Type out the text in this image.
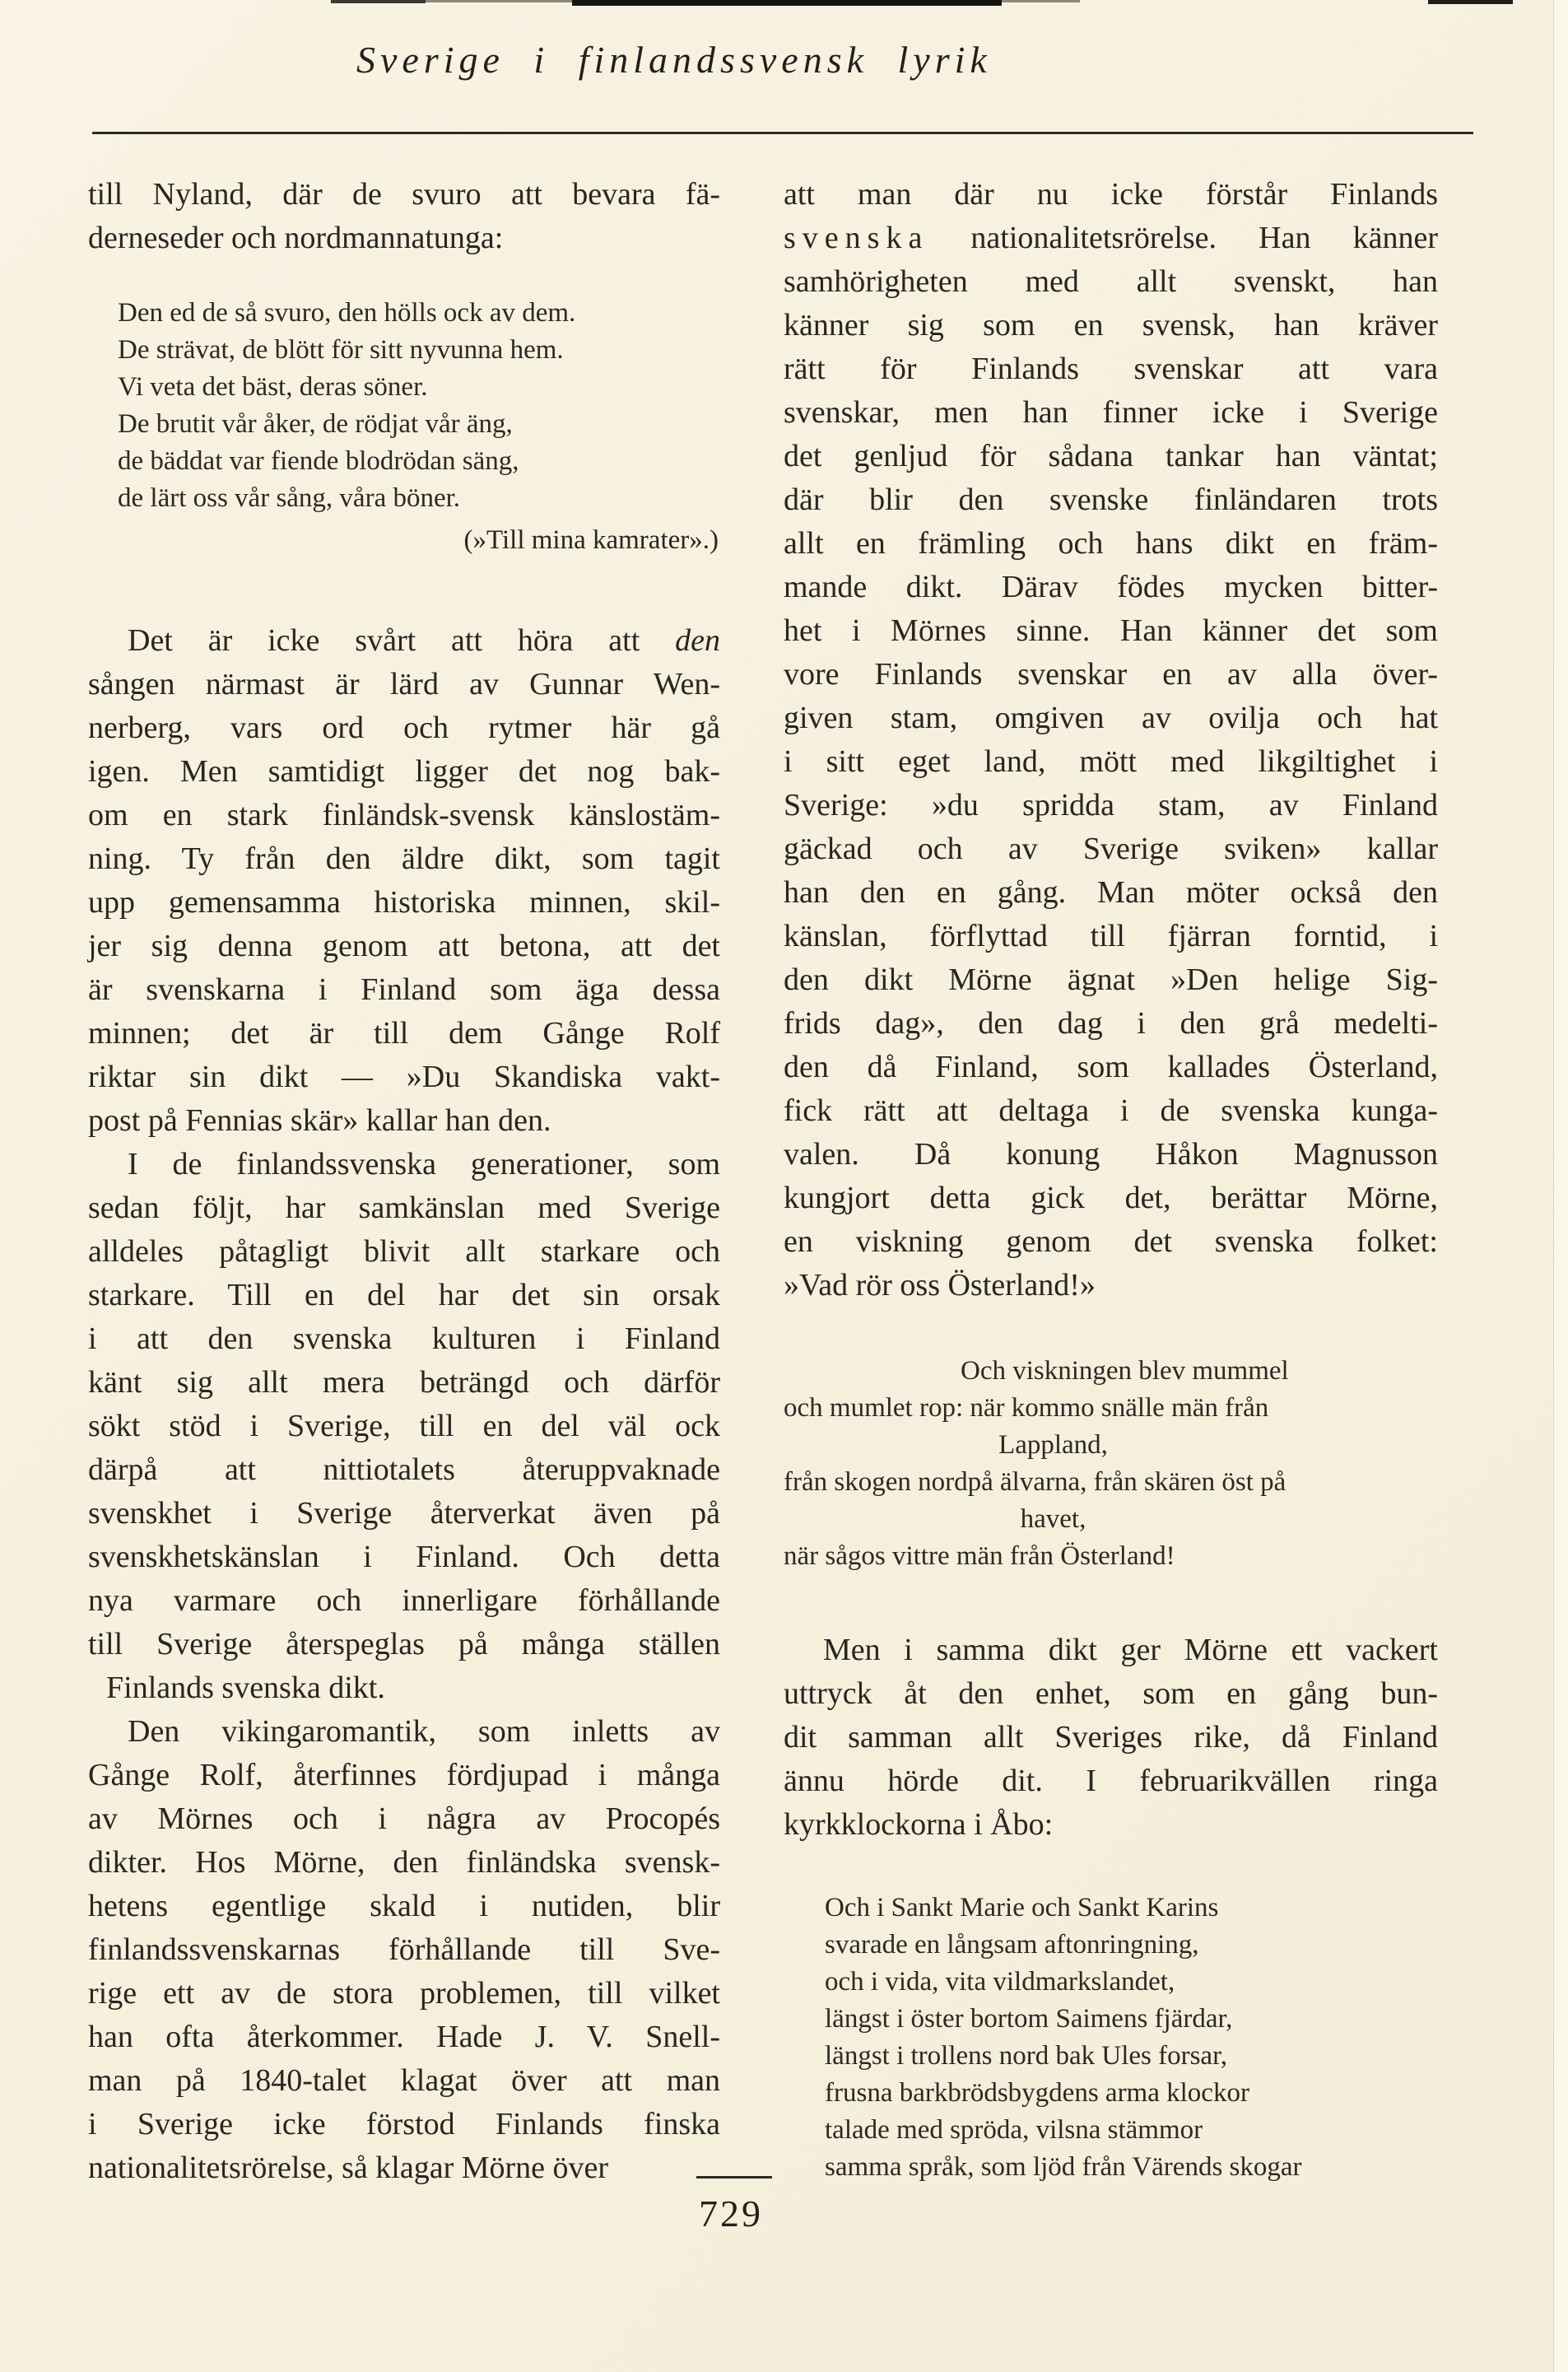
Sverige i finlandssvensk lyrik
till Nyland, där de svuro att bevara fä-
derneseder och nordmannatunga:
Den ed de så svuro, den hölls ock av dem.
De strävat, de blött för sitt nyvunna hem.
Vi veta det bäst, deras söner.
De brutit vår åker, de rödjat vår äng,
de bäddat var fiende blodrödan säng,
de lärt oss vår sång, våra böner.
(»Till mina kamrater».)
Det är icke svårt att höra att den
sången närmast är lärd av Gunnar Wen-
nerberg, vars ord och rytmer här gå
igen. Men samtidigt ligger det nog bak-
om en stark finländsk-svensk känslostäm-
ning. Ty från den äldre dikt, som tagit
upp gemensamma historiska minnen, skil-
jer sig denna genom att betona, att det
är svenskarna i Finland som äga dessa
minnen; det är till dem Gånge Rolf
riktar sin dikt — »Du Skandiska vakt-
post på Fennias skär» kallar han den.
I de finlandssvenska generationer, som
sedan följt, har samkänslan med Sverige
alldeles påtagligt blivit allt starkare och
starkare. Till en del har det sin orsak
i att den svenska kulturen i Finland
känt sig allt mera beträngd och därför
sökt stöd i Sverige, till en del väl ock
därpå att nittiotalets återuppvaknade
svenskhet i Sverige återverkat även på
svenskhetskänslan i Finland. Och detta
nya varmare och innerligare förhållande
till Sverige återspeglas på många ställen
Finlands svenska dikt.
Den vikingaromantik, som inletts av
Gånge Rolf, återfinnes fördjupad i många
av Mörnes och i några av Procopés
dikter. Hos Mörne, den finländska svensk-
hetens egentlige skald i nutiden, blir
finlandssvenskarnas förhållande till Sve-
rige ett av de stora problemen, till vilket
han ofta återkommer. Hade J. V. Snell-
man på 1840-talet klagat över att man
i Sverige icke förstod Finlands finska
nationalitetsrörelse, så klagar Mörne över
att man där nu icke förstår Finlands
svenska nationalitetsrörelse. Han känner
samhörigheten med allt svenskt, han
känner sig som en svensk, han kräver
rätt för Finlands svenskar att vara
svenskar, men han finner icke i Sverige
det genljud för sådana tankar han väntat;
där blir den svenske finländaren trots
allt en främling och hans dikt en främ-
mande dikt. Därav födes mycken bitter-
het i Mörnes sinne. Han känner det som
vore Finlands svenskar en av alla över-
given stam, omgiven av ovilja och hat
i sitt eget land, mött med likgiltighet i
Sverige: »du spridda stam, av Finland
gäckad och av Sverige sviken» kallar
han den en gång. Man möter också den
känslan, förflyttad till fjärran forntid, i
den dikt Mörne ägnat »Den helige Sig-
frids dag», den dag i den grå medelti-
den då Finland, som kallades Österland,
fick rätt att deltaga i de svenska kunga-
valen. Då konung Håkon Magnusson
kungjort detta gick det, berättar Mörne,
en viskning genom det svenska folket:
»Vad rör oss Österland!»
Och viskningen blev mummel
och mumlet rop: när kommo snälle män från
Lappland,
från skogen nordpå älvarna, från skären öst på
havet,
när sågos vittre män från Österland!
Men i samma dikt ger Mörne ett vackert
uttryck åt den enhet, som en gång bun-
dit samman allt Sveriges rike, då Finland
ännu hörde dit. I februarikvällen ringa
kyrkklockorna i Åbo:
Och i Sankt Marie och Sankt Karins
svarade en långsam aftonringning,
och i vida, vita vildmarkslandet,
längst i öster bortom Saimens fjärdar,
längst i trollens nord bak Ules forsar,
frusna barkbrödsbygdens arma klockor
talade med spröda, vilsna stämmor
samma språk, som ljöd från Värends skogar
729
